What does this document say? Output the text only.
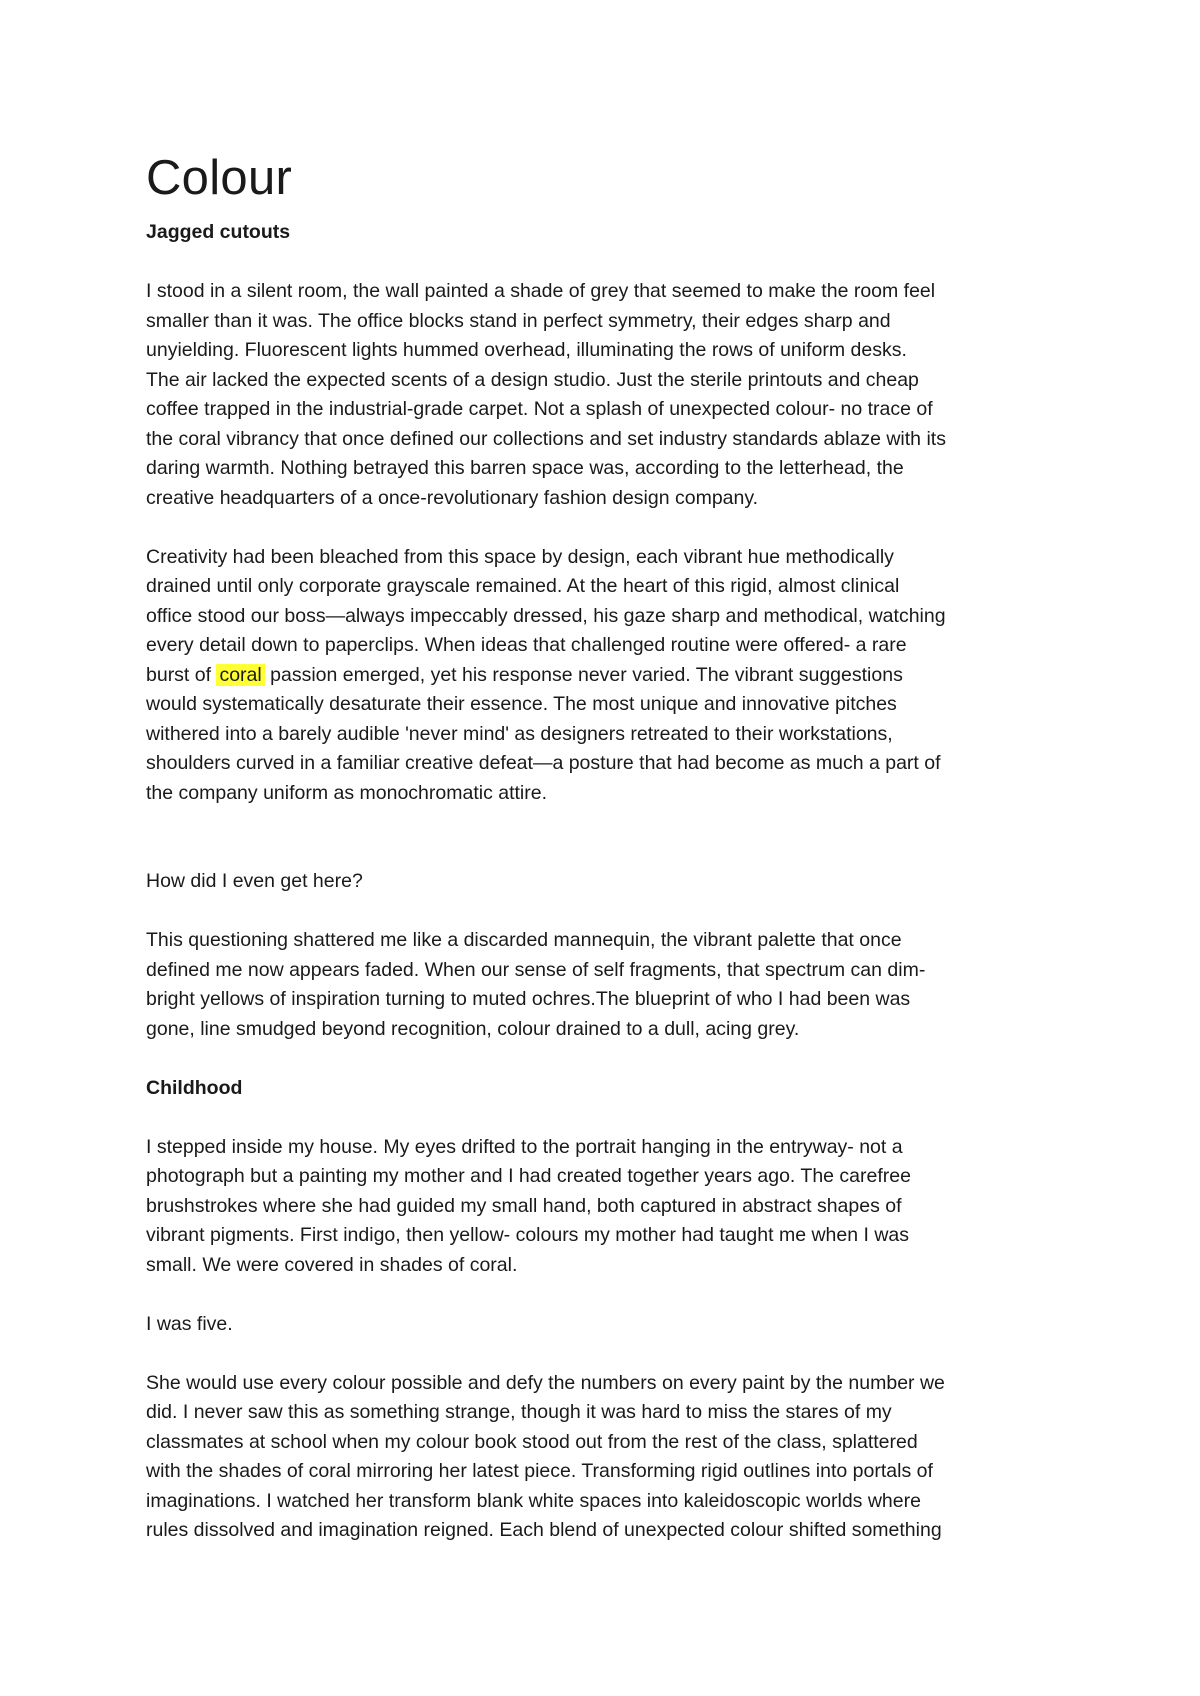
Colour
Jagged cutouts

I stood in a silent room, the wall painted a shade of grey that seemed to make the room feel
smaller than it was. The office blocks stand in perfect symmetry, their edges sharp and
unyielding. Fluorescent lights hummed overhead, illuminating the rows of uniform desks.
The air lacked the expected scents of a design studio. Just the sterile printouts and cheap
coffee trapped in the industrial-grade carpet. Not a splash of unexpected colour- no trace of
the coral vibrancy that once defined our collections and set industry standards ablaze with its
daring warmth. Nothing betrayed this barren space was, according to the letterhead, the
creative headquarters of a once-revolutionary fashion design company.

Creativity had been bleached from this space by design, each vibrant hue methodically
drained until only corporate grayscale remained. At the heart of this rigid, almost clinical
office stood our boss—always impeccably dressed, his gaze sharp and methodical, watching
every detail down to paperclips. When ideas that challenged routine were offered- a rare
burst of coral passion emerged, yet his response never varied. The vibrant suggestions
would systematically desaturate their essence. The most unique and innovative pitches
withered into a barely audible 'never mind' as designers retreated to their workstations,
shoulders curved in a familiar creative defeat—a posture that had become as much a part of
the company uniform as monochromatic attire.

How did I even get here?

This questioning shattered me like a discarded mannequin, the vibrant palette that once
defined me now appears faded. When our sense of self fragments, that spectrum can dim-
bright yellows of inspiration turning to muted ochres.The blueprint of who I had been was
gone, line smudged beyond recognition, colour drained to a dull, acing grey.

Childhood

I stepped inside my house. My eyes drifted to the portrait hanging in the entryway- not a
photograph but a painting my mother and I had created together years ago. The carefree
brushstrokes where she had guided my small hand, both captured in abstract shapes of
vibrant pigments. First indigo, then yellow- colours my mother had taught me when I was
small. We were covered in shades of coral.

I was five.

She would use every colour possible and defy the numbers on every paint by the number we
did. I never saw this as something strange, though it was hard to miss the stares of my
classmates at school when my colour book stood out from the rest of the class, splattered
with the shades of coral mirroring her latest piece. Transforming rigid outlines into portals of
imaginations. I watched her transform blank white spaces into kaleidoscopic worlds where
rules dissolved and imagination reigned. Each blend of unexpected colour shifted something
